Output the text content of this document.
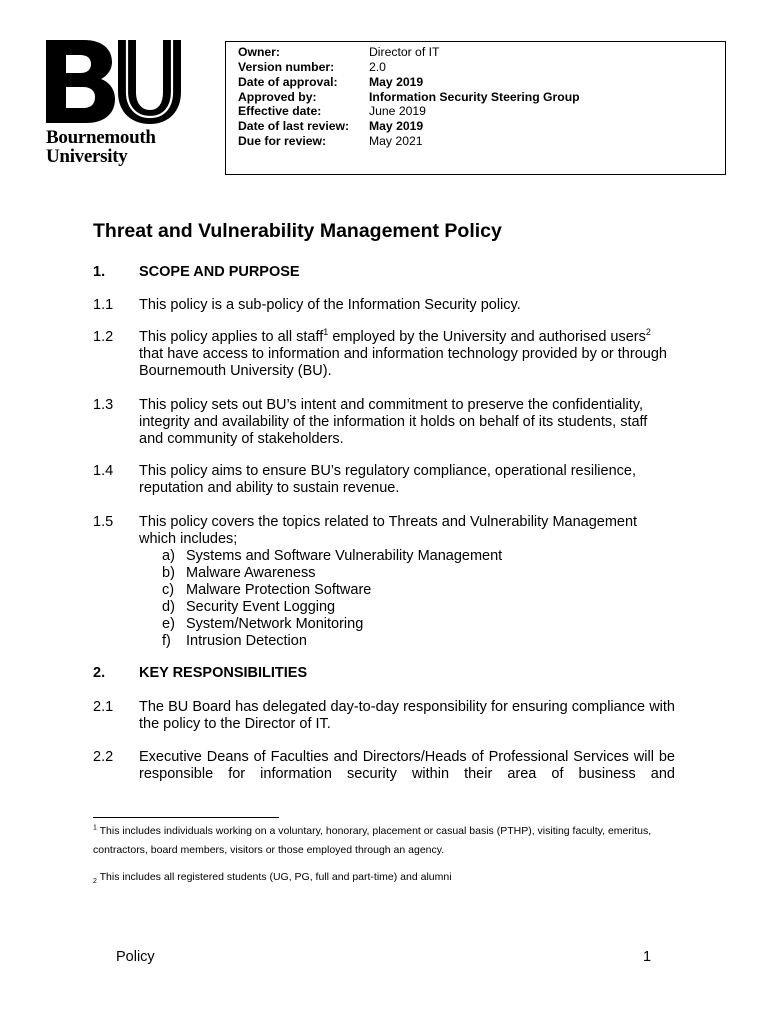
Bournemouth
University
Owner:	Director of IT
Version number:	2.0
Date of approval:	May 2019
Approved by:	Information Security Steering Group
Effective date:	June 2019
Date of last review:	May 2019
Due for review:	May 2021
Threat and Vulnerability Management Policy
1. SCOPE AND PURPOSE
1.1 This policy is a sub-policy of the Information Security policy.
1.2 This policy applies to all staff$^1$ employed by the University and authorised users$^2$ that have access to information and information technology provided by or through Bournemouth University (BU).
1.3 This policy sets out BU’s intent and commitment to preserve the confidentiality, integrity and availability of the information it holds on behalf of its students, staff and community of stakeholders.
1.4 This policy aims to ensure BU’s regulatory compliance, operational resilience, reputation and ability to sustain revenue.
1.5 This policy covers the topics related to Threats and Vulnerability Management which includes;
a) Systems and Software Vulnerability Management
b) Malware Awareness
c) Malware Protection Software
d) Security Event Logging
e) System/Network Monitoring
f) Intrusion Detection
2. KEY RESPONSIBILITIES
2.1 The BU Board has delegated day-to-day responsibility for ensuring compliance with the policy to the Director of IT.
2.2 Executive Deans of Faculties and Directors/Heads of Professional Services will be responsible for information security within their area of business and
$^1$ This includes individuals working on a voluntary, honorary, placement or casual basis (PTHP), visiting faculty, emeritus, contractors, board members, visitors or those employed through an agency.
$_2$ This includes all registered students (UG, PG, full and part-time) and alumni
Policy	1
